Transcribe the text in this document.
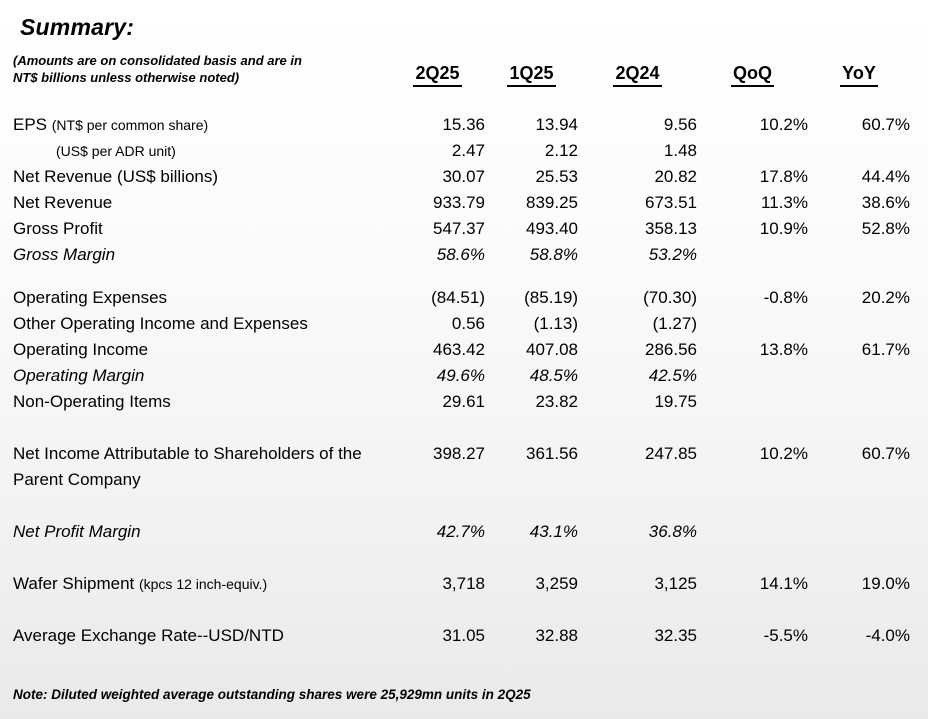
Summary:
(Amounts are on consolidated basis and are in
NT$ billions unless otherwise noted)	2Q25	1Q25	2Q24	QoQ	YoY
EPS (NT$ per common share)	15.36	13.94	9.56	10.2%	60.7%
(US$ per ADR unit)	2.47	2.12	1.48
Net Revenue (US$ billions)	30.07	25.53	20.82	17.8%	44.4%
Net Revenue	933.79	839.25	673.51	11.3%	38.6%
Gross Profit	547.37	493.40	358.13	10.9%	52.8%
Gross Margin	58.6%	58.8%	53.2%
Operating Expenses	(84.51)	(85.19)	(70.30)	-0.8%	20.2%
Other Operating Income and Expenses	0.56	(1.13)	(1.27)
Operating Income	463.42	407.08	286.56	13.8%	61.7%
Operating Margin	49.6%	48.5%	42.5%
Non-Operating Items	29.61	23.82	19.75
Net Income Attributable to Shareholders of the Parent Company
398.27	361.56	247.85	10.2%	60.7%
Net Profit Margin	42.7%	43.1%	36.8%
Wafer Shipment (kpcs 12 inch-equiv.)	3,718	3,259	3,125	14.1%	19.0%
Average Exchange Rate--USD/NTD	31.05	32.88	32.35	-5.5%	-4.0%
Note: Diluted weighted average outstanding shares were 25,929mn units in 2Q25
